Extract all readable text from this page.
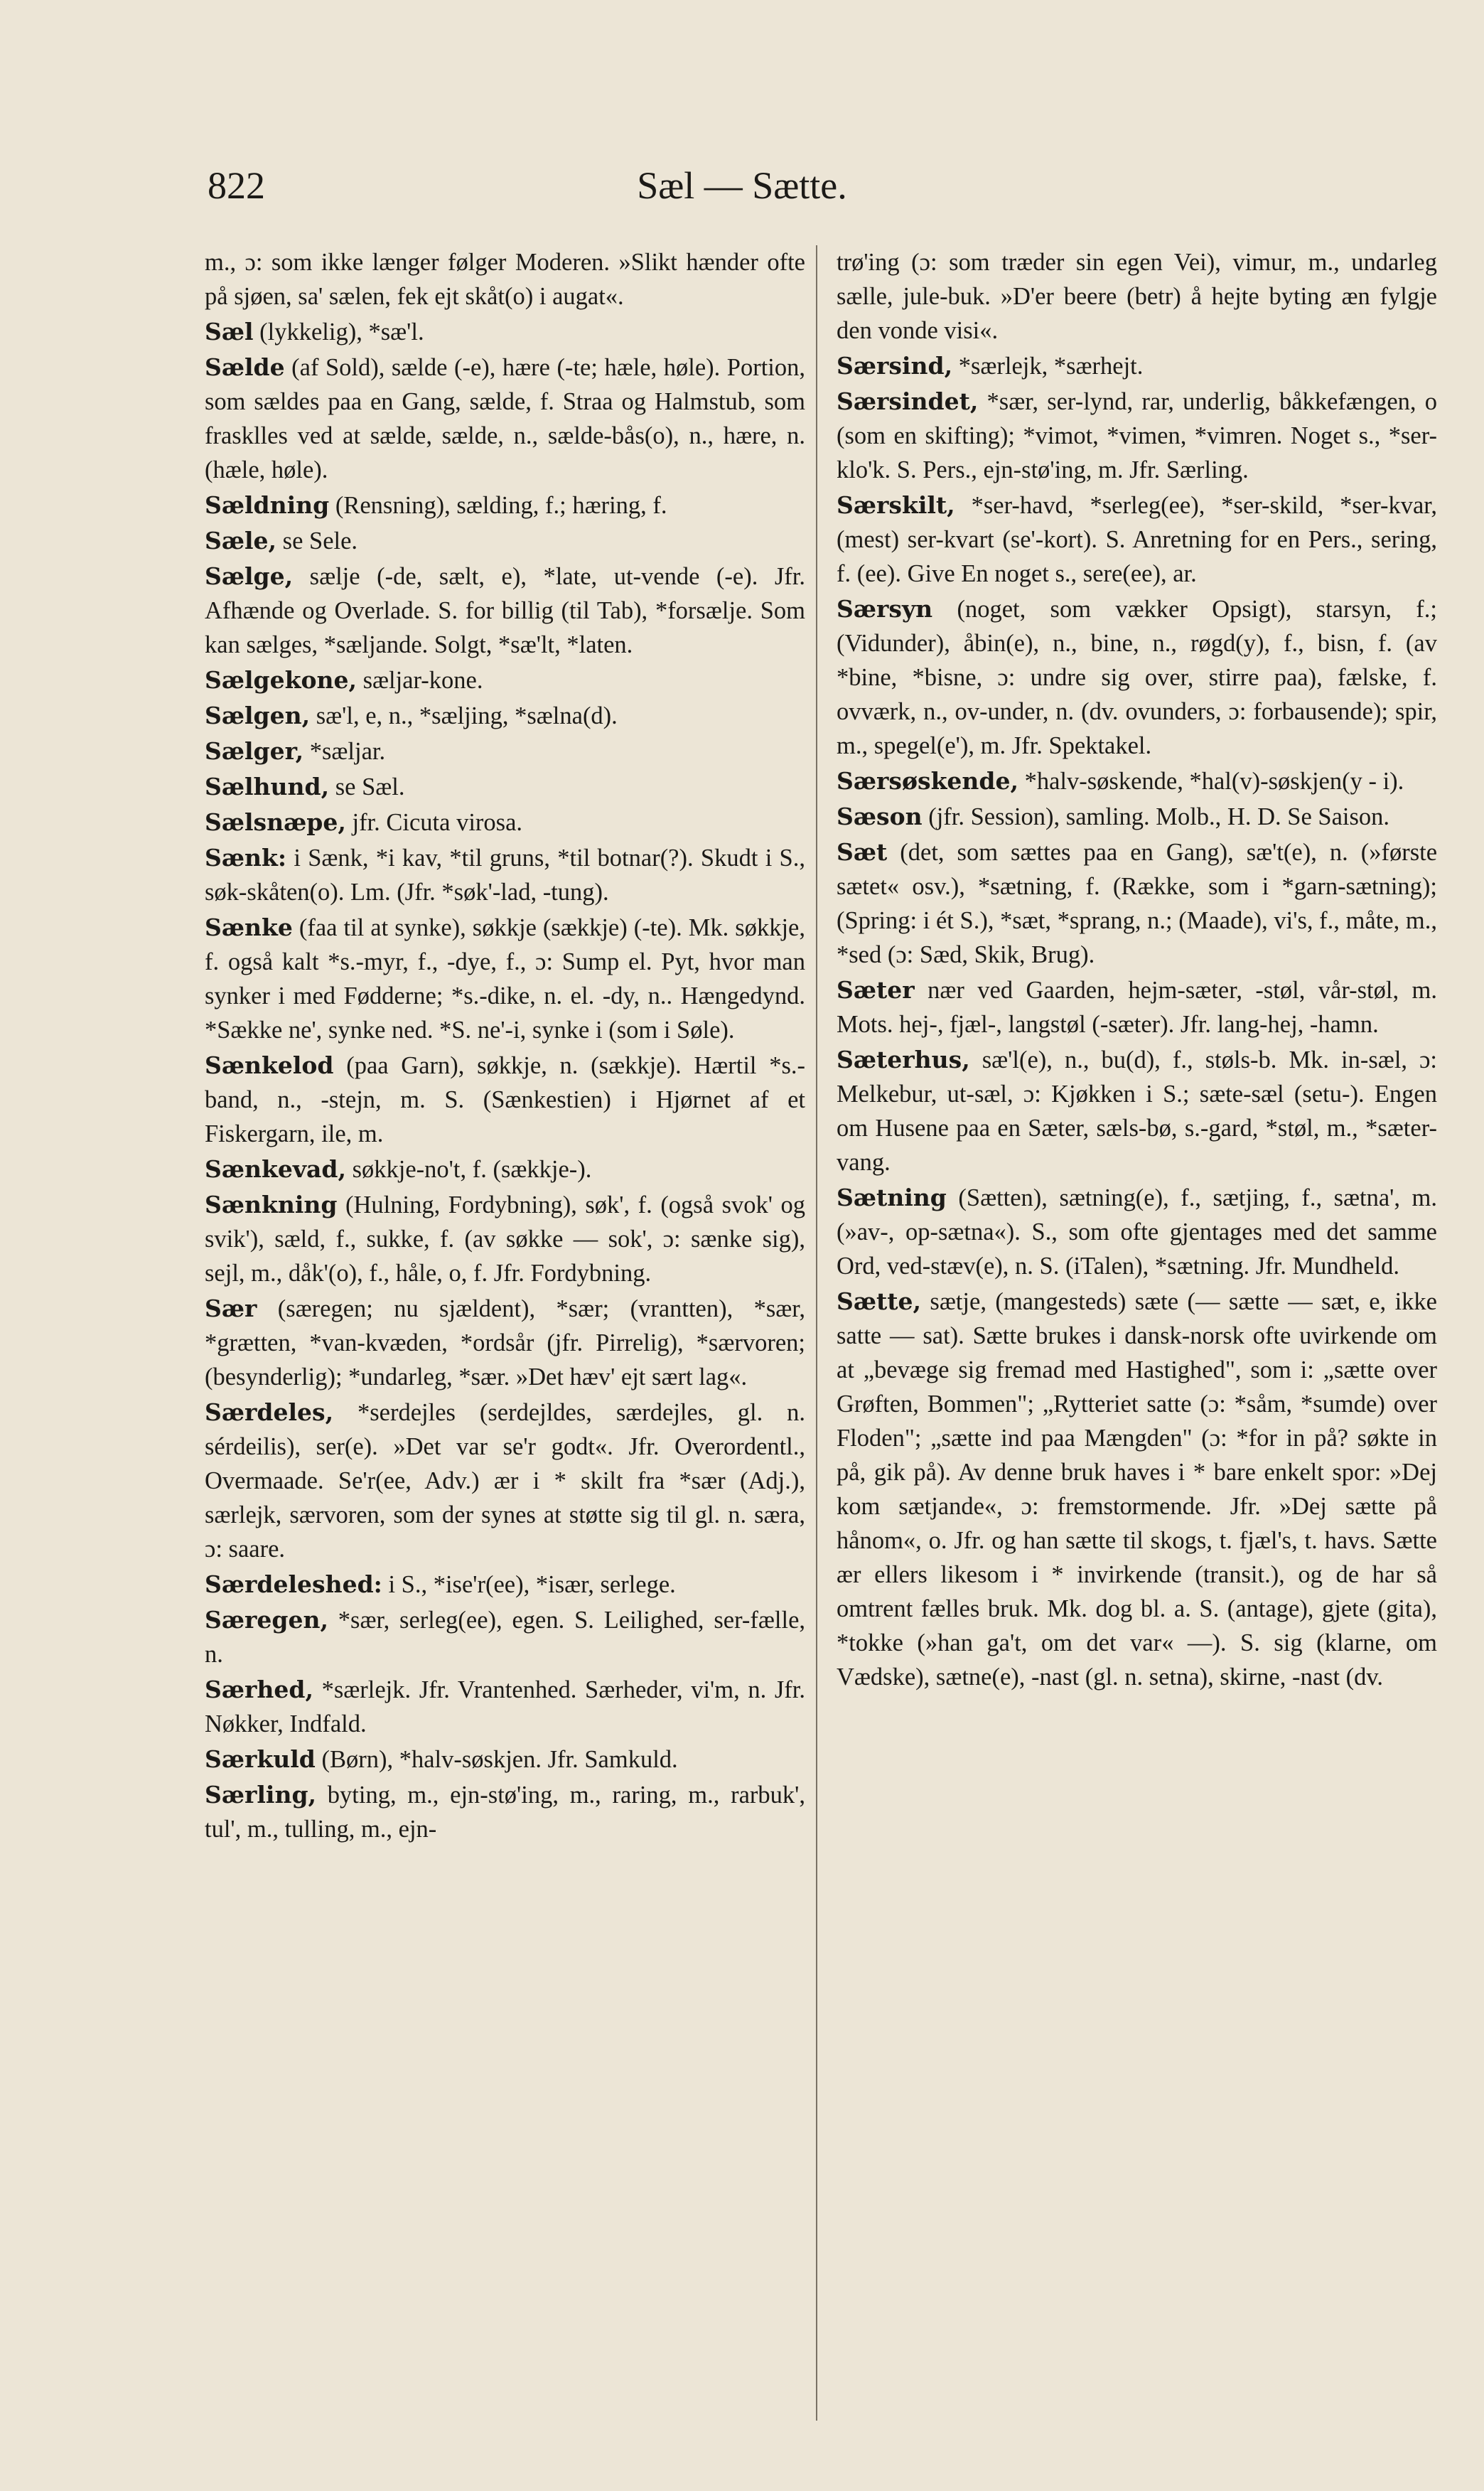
822	Sæl — Sætte.
m., ɔ: som ikke længer følger Moderen. »Slikt hænder ofte på sjøen, sa' sælen, fek ejt skåt(o) i augat«.
Sæl (lykkelig), *sæ'l.
Sælde (af Sold), sælde (-e), hære (-te; hæle, høle). Portion, som sældes paa en Gang, sælde, f. Straa og Halmstub, som frasklles ved at sælde, sælde, n., sælde-bås(o), n., hære, n. (hæle, høle).
Sældning (Rensning), sælding, f.; hæring, f.
Sæle, se Sele.
Sælge, sælje (-de, sælt, e), *late, ut-vende (-e). Jfr. Afhænde og Overlade. S. for billig (til Tab), *forsælje. Som kan sælges, *sæljande. Solgt, *sæ'lt, *laten.
Sælgekone, sæljar-kone.
Sælgen, sæ'l, e, n., *sæljing, *sælna(d).
Sælger, *sæljar.
Sælhund, se Sæl.
Sælsnæpe, jfr. Cicuta virosa.
Sænk: i Sænk, *i kav, *til gruns, *til botnar(?). Skudt i S., søk-skåten(o). Lm. (Jfr. *søk'-lad, -tung).
Sænke (faa til at synke), søkkje (sækkje) (-te). Mk. søkkje, f. også kalt *s.-myr, f., -dye, f., ɔ: Sump el. Pyt, hvor man synker i med Fødderne; *s.-dike, n. el. -dy, n.. Hængedynd. *Sække ne', synke ned. *S. ne'-i, synke i (som i Søle).
Sænkelod (paa Garn), søkkje, n. (sækkje). Hærtil *s.-band, n., -stejn, m. S. (Sænkestien) i Hjørnet af et Fiskergarn, ile, m.
Sænkevad, søkkje-no't, f. (sækkje-).
Sænkning (Hulning, Fordybning), søk', f. (også svok' og svik'), sæld, f., sukke, f. (av søkke — sok', ɔ: sænke sig), sejl, m., dåk'(o), f., håle, o, f. Jfr. Fordybning.
Sær (særegen; nu sjældent), *sær; (vrantten), *sær, *grætten, *van-kvæden, *ordsår (jfr. Pirrelig), *særvoren; (besynderlig); *undarleg, *sær. »Det hæv' ejt sært lag«.
Særdeles, *serdejles (serdejldes, særdejles, gl. n. sérdeilis), ser(e). »Det var se'r godt«. Jfr. Overordentl., Overmaade. Se'r(ee, Adv.) ær i * skilt fra *sær (Adj.), særlejk, særvoren, som der synes at støtte sig til gl. n. særa, ɔ: saare.
Særdeleshed: i S., *ise'r(ee), *især, serlege.
Særegen, *sær, serleg(ee), egen. S. Leilighed, ser-fælle, n.
Særhed, *særlejk. Jfr. Vrantenhed. Særheder, vi'm, n. Jfr. Nøkker, Indfald.
Særkuld (Børn), *halv-søskjen. Jfr. Samkuld.
Særling, byting, m., ejn-stø'ing, m., raring, m., rarbuk', tul', m., tulling, m., ejn-
trø'ing (ɔ: som træder sin egen Vei), vimur, m., undarleg sælle, jule-buk. »D'er beere (betr) å hejte byting æn fylgje den vonde visi«.
Særsind, *særlejk, *særhejt.
Særsindet, *sær, ser-lynd, rar, underlig, båkkefængen, o (som en skifting); *vimot, *vimen, *vimren. Noget s., *ser-klo'k. S. Pers., ejn-stø'ing, m. Jfr. Særling.
Særskilt, *ser-havd, *serleg(ee), *ser-skild, *ser-kvar, (mest) ser-kvart (se'-kort). S. Anretning for en Pers., sering, f. (ee). Give En noget s., sere(ee), ar.
Særsyn (noget, som vækker Opsigt), starsyn, f.; (Vidunder), åbin(e), n., bine, n., røgd(y), f., bisn, f. (av *bine, *bisne, ɔ: undre sig over, stirre paa), fælske, f. ovværk, n., ov-under, n. (dv. ovunders, ɔ: forbausende); spir, m., spegel(e'), m. Jfr. Spektakel.
Særsøskende, *halv-søskende, *hal(v)-søskjen(y - i).
Sæson (jfr. Session), samling. Molb., H. D. Se Saison.
Sæt (det, som sættes paa en Gang), sæ't(e), n. (»første sætet« osv.), *sætning, f. (Række, som i *garn-sætning); (Spring: i ét S.), *sæt, *sprang, n.; (Maade), vi's, f., måte, m., *sed (ɔ: Sæd, Skik, Brug).
Sæter nær ved Gaarden, hejm-sæter, -støl, vår-støl, m. Mots. hej-, fjæl-, langstøl (-sæter). Jfr. lang-hej, -hamn.
Sæterhus, sæ'l(e), n., bu(d), f., støls-b. Mk. in-sæl, ɔ: Melkebur, ut-sæl, ɔ: Kjøkken i S.; sæte-sæl (setu-). Engen om Husene paa en Sæter, sæls-bø, s.-gard, *støl, m., *sæter-vang.
Sætning (Sætten), sætning(e), f., sætjing, f., sætna', m. (»av-, op-sætna«). S., som ofte gjentages med det samme Ord, ved-stæv(e), n. S. (iTalen), *sætning. Jfr. Mundheld.
Sætte, sætje, (mangesteds) sæte (— sætte — sæt, e, ikke satte — sat). Sætte brukes i dansk-norsk ofte uvirkende om at „bevæge sig fremad med Hastighed", som i: „sætte over Grøften, Bommen"; „Rytteriet satte (ɔ: *såm, *sumde) over Floden"; „sætte ind paa Mængden" (ɔ: *for in på? søkte in på, gik på). Av denne bruk haves i * bare enkelt spor: »Dej kom sætjande«, ɔ: fremstormende. Jfr. »Dej sætte på hånom«, o. Jfr. og han sætte til skogs, t. fjæl's, t. havs. Sætte ær ellers likesom i * invirkende (transit.), og de har så omtrent fælles bruk. Mk. dog bl. a. S. (antage), gjete (gita), *tokke (»han ga't, om det var« —). S. sig (klarne, om Vædske), sætne(e), -nast (gl. n. setna), skirne, -nast (dv.
